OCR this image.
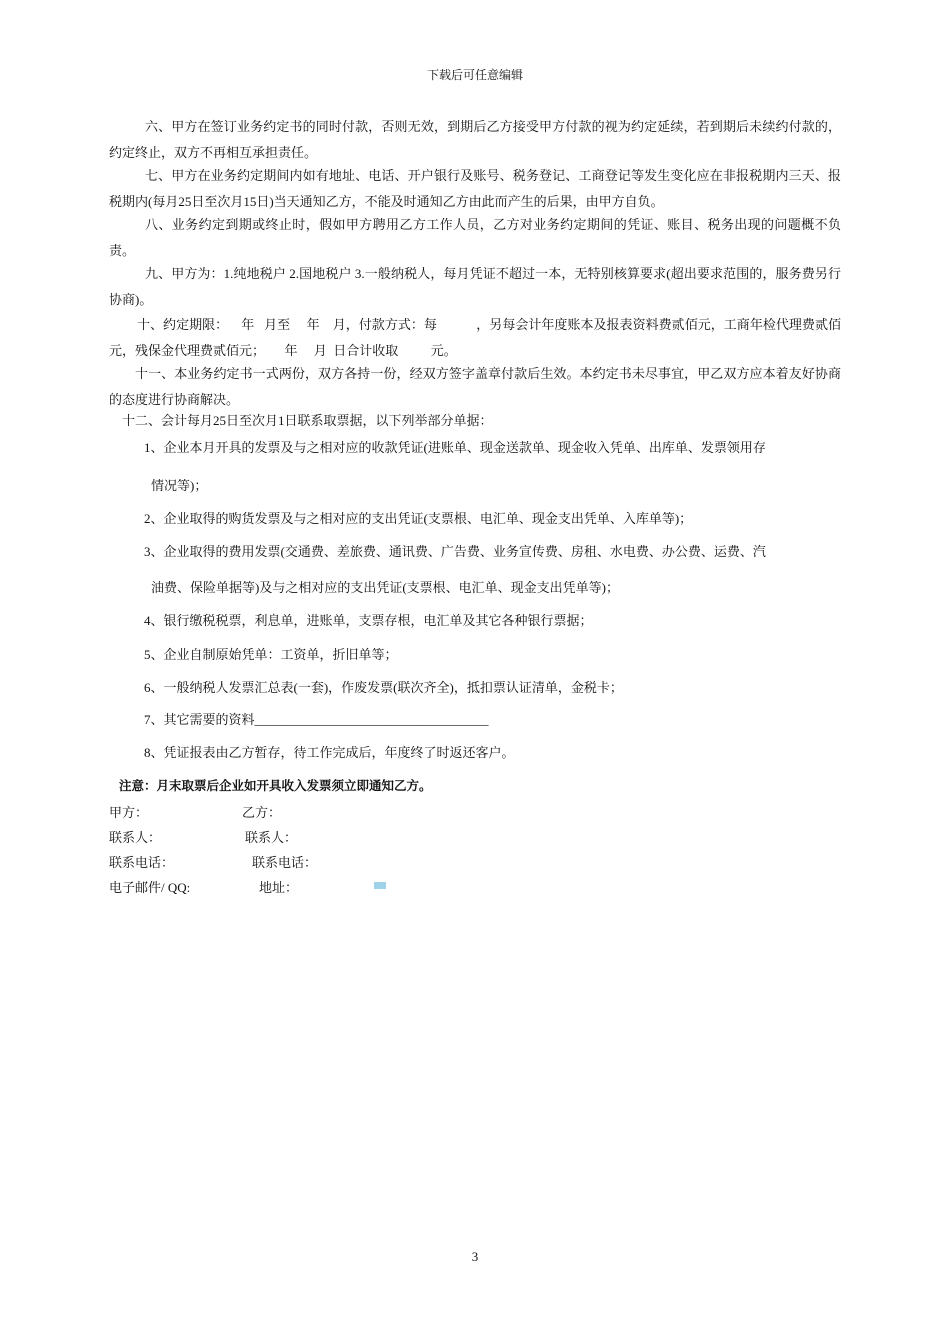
下载后可任意编辑
六、甲方在签订业务约定书的同时付款，否则无效，到期后乙方接受甲方付款的视为约定延续，若到期后未续约付款的，约定终止，双方不再相互承担责任。
七、甲方在业务约定期间内如有地址、电话、开户银行及账号、税务登记、工商登记等发生变化应在非报税期内三天、报税期内(每月25日至次月15日)当天通知乙方，不能及时通知乙方由此而产生的后果，由甲方自负。
八、业务约定到期或终止时，假如甲方聘用乙方工作人员，乙方对业务约定期间的凭证、账目、税务出现的问题概不负责。
九、甲方为：1.纯地税户 2.国地税户 3.一般纳税人，每月凭证不超过一本，无特别核算要求(超出要求范围的，服务费另行协商)。
十、约定期限：    年   月至     年    月，付款方式：每            ，另每会计年度账本及报表资料费贰佰元，工商年检代理费贰佰元，残保金代理费贰佰元；      年     月  日合计收取          元。
十一、本业务约定书一式两份，双方各持一份，经双方签字盖章付款后生效。本约定书未尽事宜，甲乙双方应本着友好协商的态度进行协商解决。
十二、会计每月25日至次月1日联系取票据，以下列举部分单据：
1、企业本月开具的发票及与之相对应的收款凭证(进账单、现金送款单、现金收入凭单、出库单、发票领用存
情况等)；
2、企业取得的购货发票及与之相对应的支出凭证(支票根、电汇单、现金支出凭单、入库单等)；
3、企业取得的费用发票(交通费、差旅费、通讯费、广告费、业务宣传费、房租、水电费、办公费、运费、汽
油费、保险单据等)及与之相对应的支出凭证(支票根、电汇单、现金支出凭单等)；
4、银行缴税税票，利息单，进账单，支票存根，电汇单及其它各种银行票据；
5、企业自制原始凭单：工资单，折旧单等；
6、一般纳税人发票汇总表(一套)，作废发票(联次齐全)，抵扣票认证清单，金税卡；
7、其它需要的资料____________________________________
8、凭证报表由乙方暂存，待工作完成后，年度终了时返还客户。
注意：月末取票后企业如开具收入发票须立即通知乙方。
甲方：	乙方：
联系人：	联系人：
联系电话：	联系电话：
电子邮件/ QQ:	地址：
3
